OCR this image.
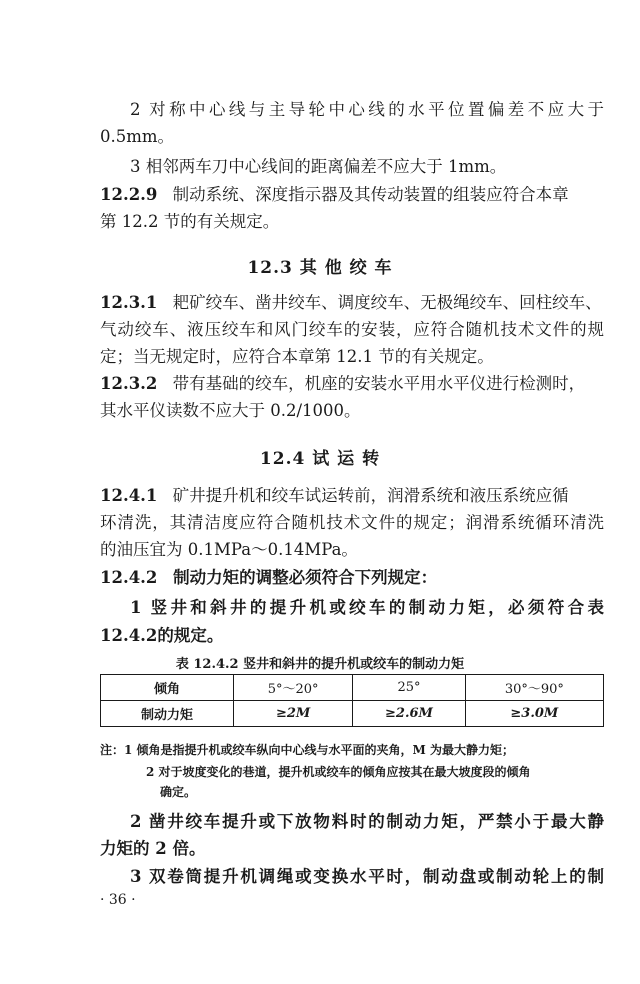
2 对称中心线与主导轮中心线的水平位置偏差不应大于
0.5mm。
3 相邻两车刀中心线间的距离偏差不应大于 1mm。
12.2.9 制动系统、深度指示器及其传动装置的组装应符合本章
第 12.2 节的有关规定。
12.3 其 他 绞 车
12.3.1 耙矿绞车、凿井绞车、调度绞车、无极绳绞车、回柱绞车、
气动绞车、液压绞车和风门绞车的安装，应符合随机技术文件的规
定；当无规定时，应符合本章第 12.1 节的有关规定。
12.3.2 带有基础的绞车，机座的安装水平用水平仪进行检测时，
其水平仪读数不应大于 0.2/1000。
12.4 试 运 转
12.4.1 矿井提升机和绞车试运转前，润滑系统和液压系统应循
环清洗，其清洁度应符合随机技术文件的规定；润滑系统循环清洗
的油压宜为 0.1MPa～0.14MPa。
12.4.2 制动力矩的调整必须符合下列规定：
1 竖井和斜井的提升机或绞车的制动力矩，必须符合表
12.4.2的规定。
表 12.4.2 竖井和斜井的提升机或绞车的制动力矩
倾角	5°～20°	25°	30°～90°
制动力矩	≥2M	≥2.6M	≥3.0M
注：1 倾角是指提升机或绞车纵向中心线与水平面的夹角，M 为最大静力矩；
2 对于坡度变化的巷道，提升机或绞车的倾角应按其在最大坡度段的倾角
确定。
2 凿井绞车提升或下放物料时的制动力矩，严禁小于最大静
力矩的 2 倍。
3 双卷筒提升机调绳或变换水平时，制动盘或制动轮上的制
· 36 ·
